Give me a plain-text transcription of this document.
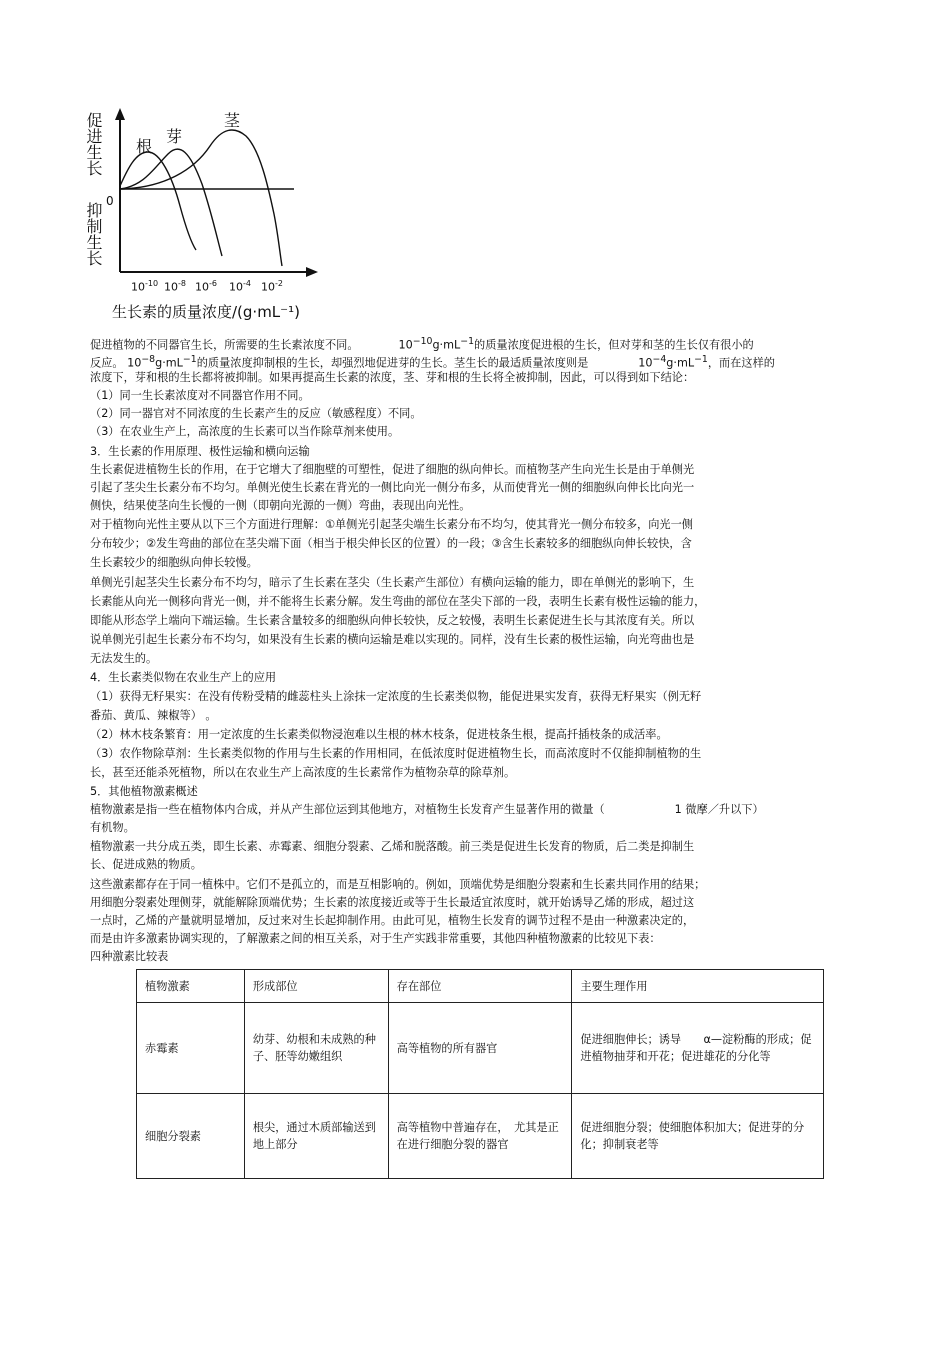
促进生长
0
抑制生长
根
芽
茎
$10^{-10}$ $10^{-8}$ $10^{-6}$ $10^{-4}$ $10^{-2}$
生长素的质量浓度/(g·mL⁻¹)
促进植物的不同器官生长，所需要的生长素浓度不同。	$10^{-10}g\cdot mL^{-1}$的质量浓度促进根的生长，但对芽和茎的生长仅有很小的
反应。 $10^{-8}g\cdot mL^{-1}$的质量浓度抑制根的生长，却强烈地促进芽的生长。茎生长的最适质量浓度则是	$10^{-4}g\cdot mL^{-1}$，而在这样的
浓度下，芽和根的生长都将被抑制。如果再提高生长素的浓度，茎、芽和根的生长将全被抑制，因此，可以得到如下结论：
（1）同一生长素浓度对不同器官作用不同。
（2）同一器官对不同浓度的生长素产生的反应（敏感程度）不同。
（3）在农业生产上，高浓度的生长素可以当作除草剂来使用。
3．生长素的作用原理、极性运输和横向运输
生长素促进植物生长的作用，在于它增大了细胞壁的可塑性，促进了细胞的纵向伸长。而植物茎产生向光生长是由于单侧光
引起了茎尖生长素分布不均匀。单侧光使生长素在背光的一侧比向光一侧分布多，从而使背光一侧的细胞纵向伸长比向光一
侧快，结果使茎向生长慢的一侧（即朝向光源的一侧）弯曲，表现出向光性。
对于植物向光性主要从以下三个方面进行理解：①单侧光引起茎尖端生长素分布不均匀，使其背光一侧分布较多，向光一侧
分布较少；②发生弯曲的部位在茎尖端下面（相当于根尖伸长区的位置）的一段；③含生长素较多的细胞纵向伸长较快，含
生长素较少的细胞纵向伸长较慢。
单侧光引起茎尖生长素分布不均匀，暗示了生长素在茎尖（生长素产生部位）有横向运输的能力，即在单侧光的影响下，生
长素能从向光一侧移向背光一侧，并不能将生长素分解。发生弯曲的部位在茎尖下部的一段，表明生长素有极性运输的能力，
即能从形态学上端向下端运输。生长素含量较多的细胞纵向伸长较快，反之较慢，表明生长素促进生长与其浓度有关。所以
说单侧光引起生长素分布不均匀，如果没有生长素的横向运输是难以实现的。同样，没有生长素的极性运输，向光弯曲也是
无法发生的。
4．生长素类似物在农业生产上的应用
（1）获得无籽果实：在没有传粉受精的雌蕊柱头上涂抹一定浓度的生长素类似物，能促进果实发育，获得无籽果实（例无籽
番茄、黄瓜、辣椒等） 。
（2）林木枝条繁育：用一定浓度的生长素类似物浸泡难以生根的林木枝条，促进枝条生根，提高扦插枝条的成活率。
（3）农作物除草剂：生长素类似物的作用与生长素的作用相同，在低浓度时促进植物生长，而高浓度时不仅能抑制植物的生
长，甚至还能杀死植物，所以在农业生产上高浓度的生长素常作为植物杂草的除草剂。
5．其他植物激素概述
植物激素是指一些在植物体内合成，并从产生部位运到其他地方，对植物生长发育产生显著作用的微量（	1 微摩／升以下）
有机物。
植物激素一共分成五类，即生长素、赤霉素、细胞分裂素、乙烯和脱落酸。前三类是促进生长发育的物质，后二类是抑制生
长、促进成熟的物质。
这些激素都存在于同一植株中。它们不是孤立的，而是互相影响的。例如，顶端优势是细胞分裂素和生长素共同作用的结果；
用细胞分裂素处理侧芽，就能解除顶端优势；生长素的浓度接近或等于生长最适宜浓度时，就开始诱导乙烯的形成，超过这
一点时，乙烯的产量就明显增加，反过来对生长起抑制作用。由此可见，植物生长发育的调节过程不是由一种激素决定的，
而是由许多激素协调实现的，了解激素之间的相互关系，对于生产实践非常重要，其他四种植物激素的比较见下表：
四种激素比较表
植物激素	形成部位	存在部位	主要生理作用
赤霉素	幼芽、幼根和未成熟的种子、胚等幼嫩组织	高等植物的所有器官	促进细胞伸长；诱导　　α—淀粉酶的形成；促进植物抽芽和开花；促进雄花的分化等
细胞分裂素	根尖，通过木质部输送到地上部分	高等植物中普遍存在，　尤其是正在进行细胞分裂的器官	促进细胞分裂；使细胞体积加大；促进芽的分化；抑制衰老等
